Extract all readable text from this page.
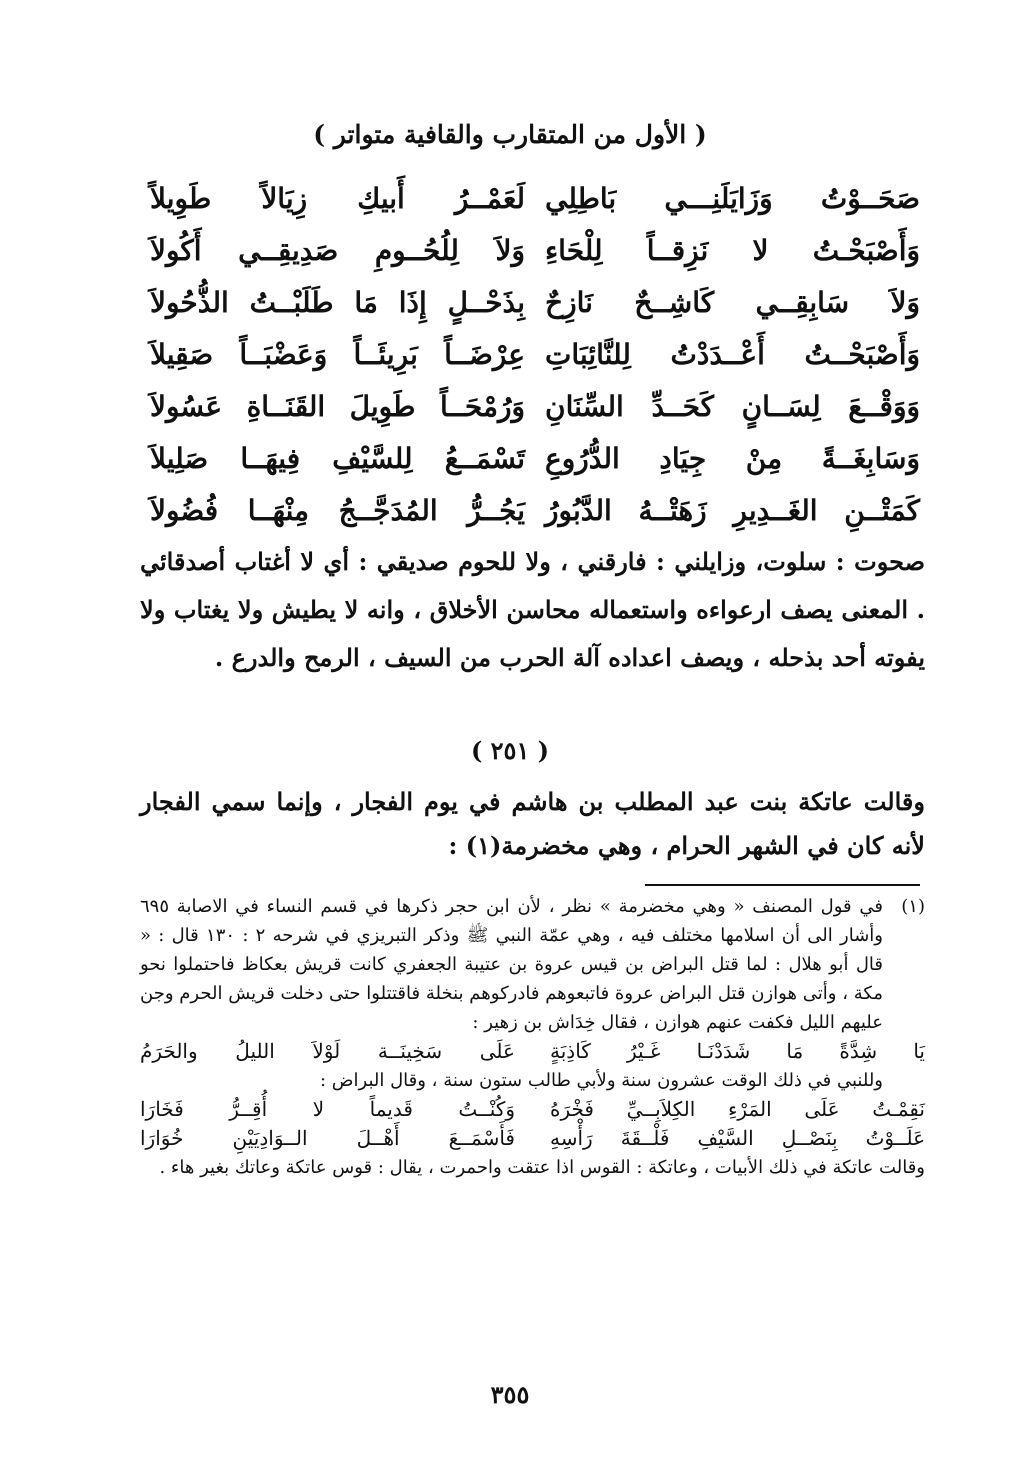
( الأول من المتقارب والقافية متواتر )
صَحَــوْتُ وَزَايَلَنِـــي بَاطِلِي
لَعَمْــرُ أَبيكِ زِيَالاً طَوِيلاً
وَأَصْبَحْـتُ لا نَزِقــاً لِلْحَاءِ
وَلاَ لِلُحُــومِ صَدِيقِــي أَكُولاَ
وَلاَ سَابِقِــي كَاشِــحٌ نَازِحٌ
بِذَحْــلٍ إِذَا مَا طَلَبْــتُ الذُّحُولاَ
وَأَصْبَحْــتُ أَعْــدَدْتُ لِلنَّائِبَاتِ
عِرْضَــاً بَرِيئَــاً وَعَضْبَــاً صَقِيلاَ
وَوَقْــعَ لِسَــانٍ كَحَــدِّ السِّنَانِ
وَرُمْحَــاً طَوِيلَ القَنَــاةِ عَسُولاَ
وَسَابِغَــةً مِنْ جِيَادِ الدُّرُوعِ
تَسْمَــعُ لِلسَّيْفِ فِيهَــا صَلِيلاَ
كَمَتْــنِ الغَــدِيرِ زَهَتْــهُ الدَّبُورُ
يَجُــرُّ المُدَجَّــجُ مِنْهَــا فُضُولاَ
صحوت : سلوت، وزايلني : فارقني ، ولا للحوم صديقي : أي لا أغتاب أصدقائي . المعنى يصف ارعواءه واستعماله محاسن الأخلاق ، وانه لا يطيش ولا يغتاب ولا يفوته أحد بذحله ، ويصف اعداده آلة الحرب من السيف ، الرمح والدرع .
( ٢٥١ )
وقالت عاتكة بنت عبد المطلب بن هاشم في يوم الفجار ، وإنما سمي الفجار لأنه كان في الشهر الحرام ، وهي مخضرمة(١) :
(١)
في قول المصنف « وهي مخضرمة » نظر ، لأن ابن حجر ذكرها في قسم النساء في الاصابة ٦٩٥ وأشار الى أن اسلامها مختلف فيه ، وهي عمّة النبي ﷺ وذكر التبريزي في شرحه ٢ : ١٣٠ قال : « قال أبو هلال : لما قتل البراض بن قيس عروة بن عتيبة الجعفري كانت قريش بعكاظ فاحتملوا نحو مكة ، وأتى هوازن قتل البراض عروة فاتبعوهم فادركوهم بنخلة فاقتتلوا حتى دخلت قريش الحرم وجن عليهم الليل فكفت عنهم هوازن ، فقال خِدَاش بن زهير :
يَا شِدَّةً مَا شَدَدْنَـا غَـيْرُ كَاذِبَةٍ
عَلَى سَخِينَــة لَوْلاَ الليلُ والحَرَمُ
وللنبي في ذلك الوقت عشرون سنة ولأبي طالب ستون سنة ، وقال البراض :
نَقِمْـتُ عَلَى المَرْءِ الكِلاَبِــيِّ فَخْرَهُ
وَكُنْــتُ قَديماً لا أُقِــرُّ فَخَارَا
عَلَــوْتُ بِنَصْــلِ السَّيْفِ فَلْــقَةَ رَأْسِهِ
فَأَسْمَــعَ أَهْــلَ الــوَادِيَيْنِ خُوَارَا
وقالت عاتكة في ذلك الأبيات ، وعاتكة : القوس اذا عتقت واحمرت ، يقال : قوس عاتكة وعاتك بغير هاء .
٣٥٥
